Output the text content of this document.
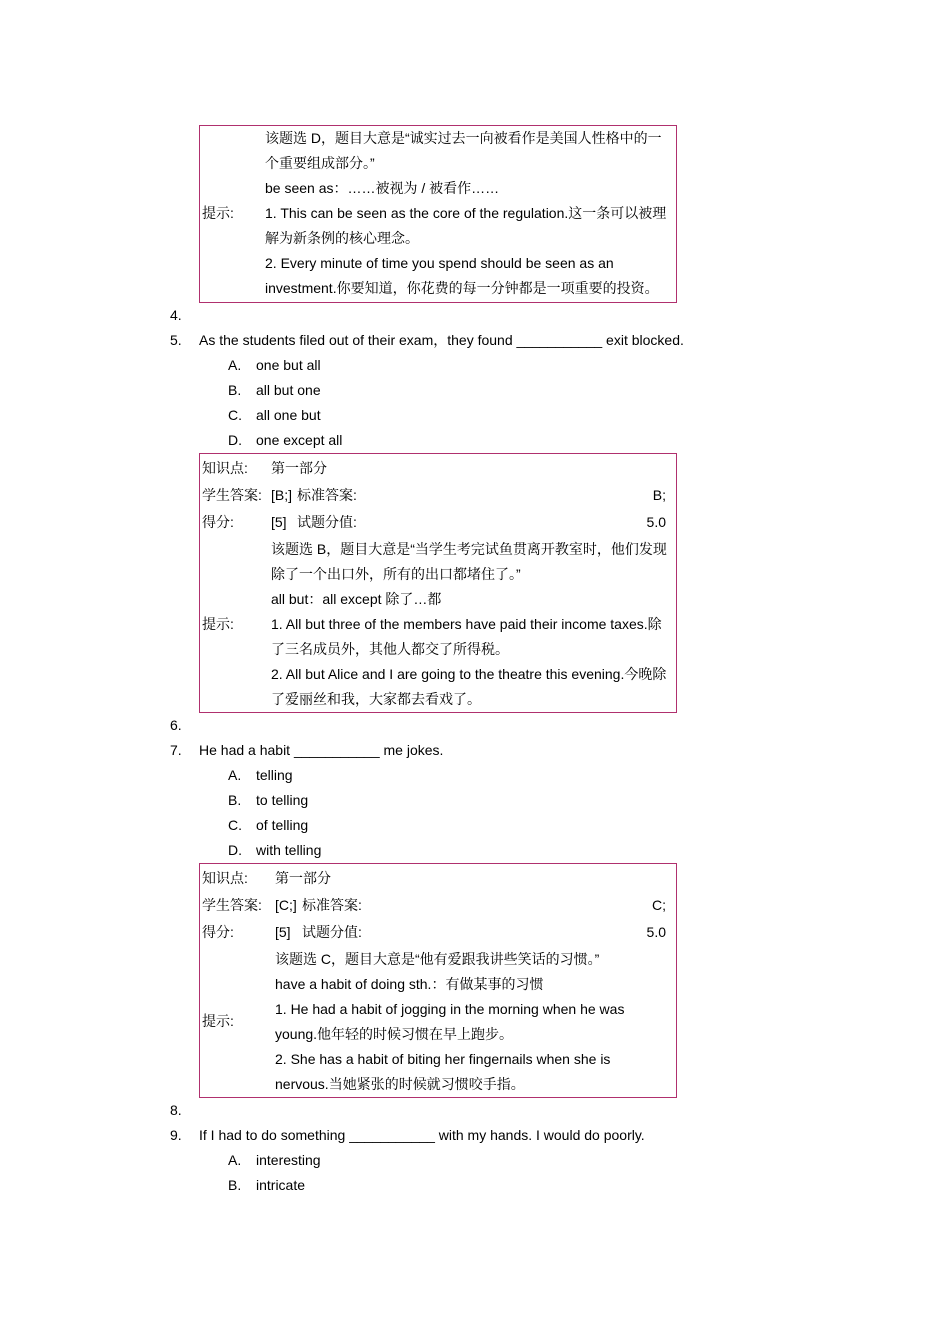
提示:
该题选 D，题目大意是“诚实过去一向被看作是美国人性格中的一
个重要组成部分。”
be seen as：……被视为 / 被看作……
1. This can be seen as the core of the regulation.这一条可以被理
解为新条例的核心理念。
2. Every minute of time you spend should be seen as an
investment.你要知道，你花费的每一分钟都是一项重要的投资。
4.
5. As the students filed out of their exam，they found ___________ exit blocked.
A. one but all
B. all but one
C. all one but
D. one except all
知识点: 第一部分
学生答案: [B;] 标准答案:	B;
得分:	[5] 试题分值:	5.0
提示:
该题选 B，题目大意是“当学生考完试鱼贯离开教室时，他们发现
除了一个出口外，所有的出口都堵住了。”
all but：all except 除了…都
1. All but three of the members have paid their income taxes.除
了三名成员外，其他人都交了所得税。
2. All but Alice and I are going to the theatre this evening.今晚除
了爱丽丝和我，大家都去看戏了。
6.
7. He had a habit ___________ me jokes.
A. telling
B. to telling
C. of telling
D. with telling
知识点: 第一部分
学生答案: [C;] 标准答案:	C;
得分:	[5] 试题分值:	5.0
提示:
该题选 C，题目大意是“他有爱跟我讲些笑话的习惯。”
have a habit of doing sth.：有做某事的习惯
1. He had a habit of jogging in the morning when he was
young.他年轻的时候习惯在早上跑步。
2. She has a habit of biting her fingernails when she is
nervous.当她紧张的时候就习惯咬手指。
8.
9. If I had to do something ___________ with my hands. I would do poorly.
A. interesting
B. intricate
